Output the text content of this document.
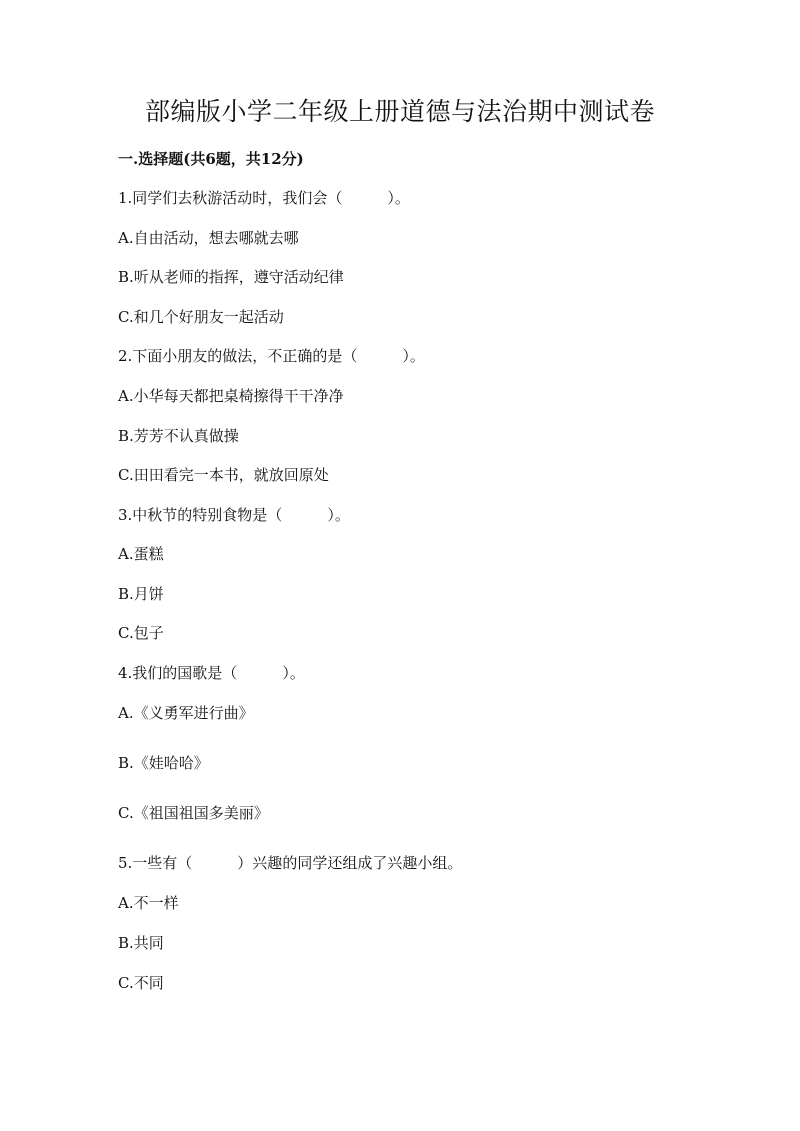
部编版小学二年级上册道德与法治期中测试卷

一.选择题(共6题，共12分)

1.同学们去秋游活动时，我们会（　　　）。

A.自由活动，想去哪就去哪

B.听从老师的指挥，遵守活动纪律

C.和几个好朋友一起活动

2.下面小朋友的做法，不正确的是（　　　）。

A.小华每天都把桌椅擦得干干净净

B.芳芳不认真做操

C.田田看完一本书，就放回原处

3.中秋节的特别食物是（　　　）。

A.蛋糕

B.月饼

C.包子

4.我们的国歌是（　　　）。

A.《义勇军进行曲》

B.《娃哈哈》

C.《祖国祖国多美丽》

5.一些有（　　　）兴趣的同学还组成了兴趣小组。

A.不一样

B.共同

C.不同
